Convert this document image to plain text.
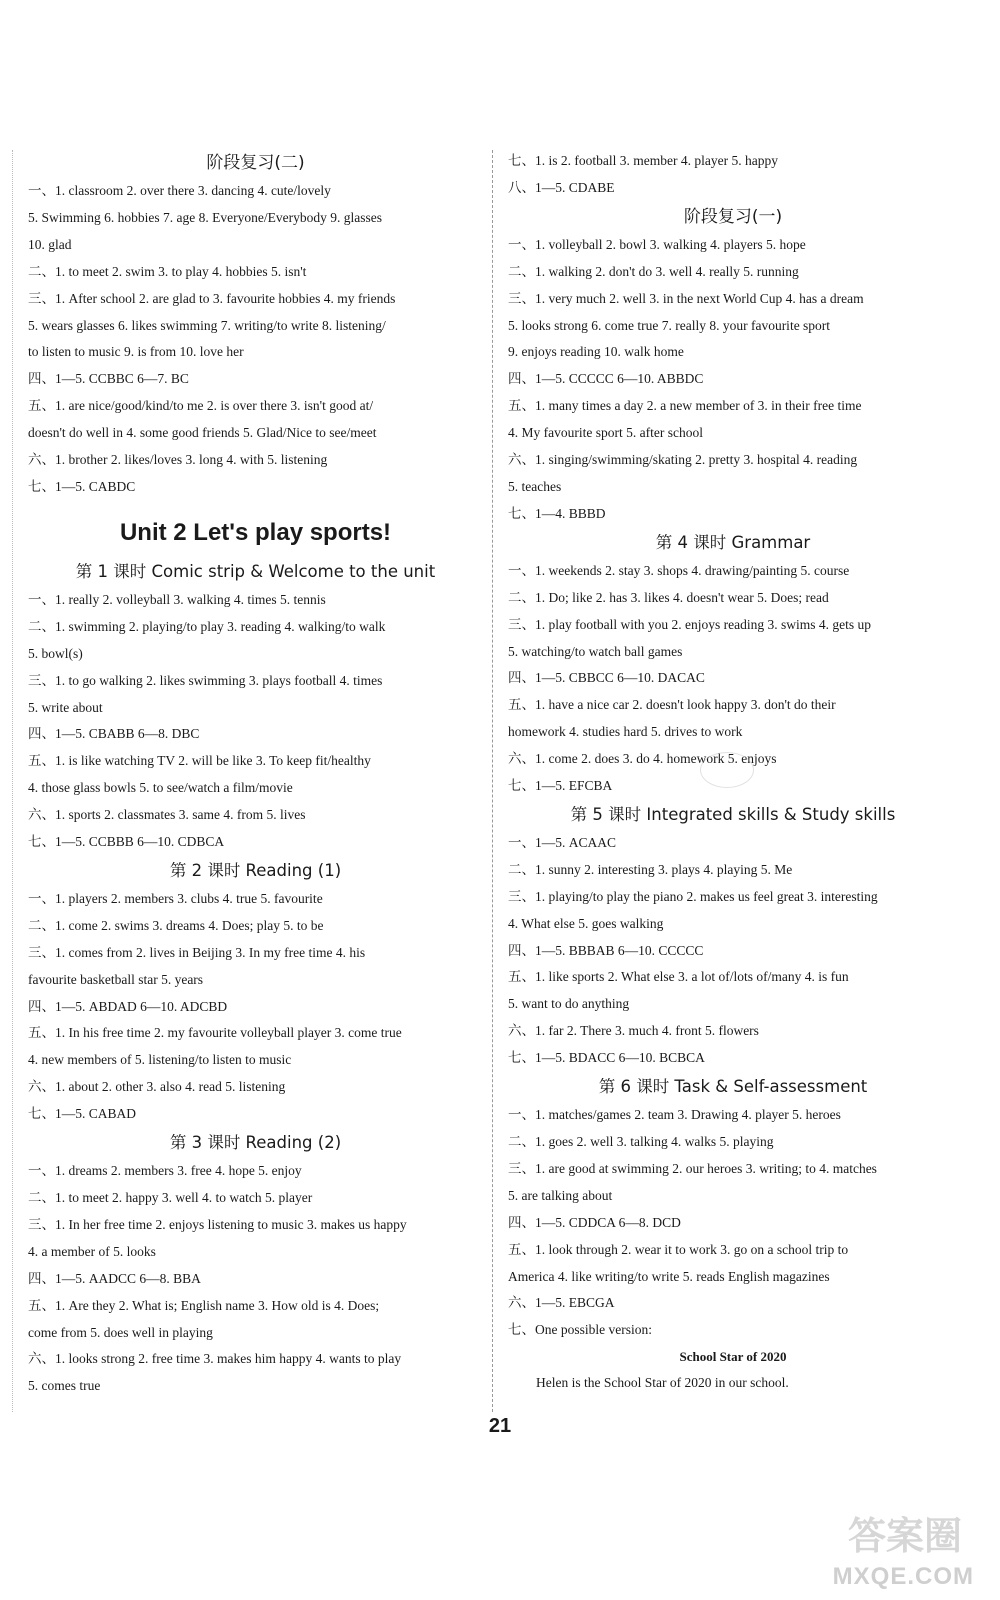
阶段复习(二)
一、1. classroom 2. over there 3. dancing 4. cute/lovely
5. Swimming 6. hobbies 7. age 8. Everyone/Everybody 9. glasses
10. glad
二、1. to meet 2. swim 3. to play 4. hobbies 5. isn't
三、1. After school 2. are glad to 3. favourite hobbies 4. my friends
5. wears glasses 6. likes swimming 7. writing/to write 8. listening/
to listen to music 9. is from 10. love her
四、1—5. CCBBC 6—7. BC
五、1. are nice/good/kind/to me 2. is over there 3. isn't good at/
doesn't do well in 4. some good friends 5. Glad/Nice to see/meet
六、1. brother 2. likes/loves 3. long 4. with 5. listening
七、1—5. CABDC
Unit 2 Let's play sports!
第 1 课时 Comic strip & Welcome to the unit
一、1. really 2. volleyball 3. walking 4. times 5. tennis
二、1. swimming 2. playing/to play 3. reading 4. walking/to walk
5. bowl(s)
三、1. to go walking 2. likes swimming 3. plays football 4. times
5. write about
四、1—5. CBABB 6—8. DBC
五、1. is like watching TV 2. will be like 3. To keep fit/healthy
4. those glass bowls 5. to see/watch a film/movie
六、1. sports 2. classmates 3. same 4. from 5. lives
七、1—5. CCBBB 6—10. CDBCA
第 2 课时 Reading (1)
一、1. players 2. members 3. clubs 4. true 5. favourite
二、1. come 2. swims 3. dreams 4. Does; play 5. to be
三、1. comes from 2. lives in Beijing 3. In my free time 4. his
favourite basketball star 5. years
四、1—5. ABDAD 6—10. ADCBD
五、1. In his free time 2. my favourite volleyball player 3. come true
4. new members of 5. listening/to listen to music
六、1. about 2. other 3. also 4. read 5. listening
七、1—5. CABAD
第 3 课时 Reading (2)
一、1. dreams 2. members 3. free 4. hope 5. enjoy
二、1. to meet 2. happy 3. well 4. to watch 5. player
三、1. In her free time 2. enjoys listening to music 3. makes us happy
4. a member of 5. looks
四、1—5. AADCC 6—8. BBA
五、1. Are they 2. What is; English name 3. How old is 4. Does;
come from 5. does well in playing
六、1. looks strong 2. free time 3. makes him happy 4. wants to play
5. comes true
七、1. is 2. football 3. member 4. player 5. happy
八、1—5. CDABE
阶段复习(一)
一、1. volleyball 2. bowl 3. walking 4. players 5. hope
二、1. walking 2. don't do 3. well 4. really 5. running
三、1. very much 2. well 3. in the next World Cup 4. has a dream
5. looks strong 6. come true 7. really 8. your favourite sport
9. enjoys reading 10. walk home
四、1—5. CCCCC 6—10. ABBDC
五、1. many times a day 2. a new member of 3. in their free time
4. My favourite sport 5. after school
六、1. singing/swimming/skating 2. pretty 3. hospital 4. reading
5. teaches
七、1—4. BBBD
第 4 课时 Grammar
一、1. weekends 2. stay 3. shops 4. drawing/painting 5. course
二、1. Do; like 2. has 3. likes 4. doesn't wear 5. Does; read
三、1. play football with you 2. enjoys reading 3. swims 4. gets up
5. watching/to watch ball games
四、1—5. CBBCC 6—10. DACAC
五、1. have a nice car 2. doesn't look happy 3. don't do their
homework 4. studies hard 5. drives to work
六、1. come 2. does 3. do 4. homework 5. enjoys
七、1—5. EFCBA
第 5 课时 Integrated skills & Study skills
一、1—5. ACAAC
二、1. sunny 2. interesting 3. plays 4. playing 5. Me
三、1. playing/to play the piano 2. makes us feel great 3. interesting
4. What else 5. goes walking
四、1—5. BBBAB 6—10. CCCCC
五、1. like sports 2. What else 3. a lot of/lots of/many 4. is fun
5. want to do anything
六、1. far 2. There 3. much 4. front 5. flowers
七、1—5. BDACC 6—10. BCBCA
第 6 课时 Task & Self-assessment
一、1. matches/games 2. team 3. Drawing 4. player 5. heroes
二、1. goes 2. well 3. talking 4. walks 5. playing
三、1. are good at swimming 2. our heroes 3. writing; to 4. matches
5. are talking about
四、1—5. CDDCA 6—8. DCD
五、1. look through 2. wear it to work 3. go on a school trip to
America 4. like writing/to write 5. reads English magazines
六、1—5. EBCGA
七、One possible version:
School Star of 2020
Helen is the School Star of 2020 in our school.
21
答案圈
MXQE.COM
